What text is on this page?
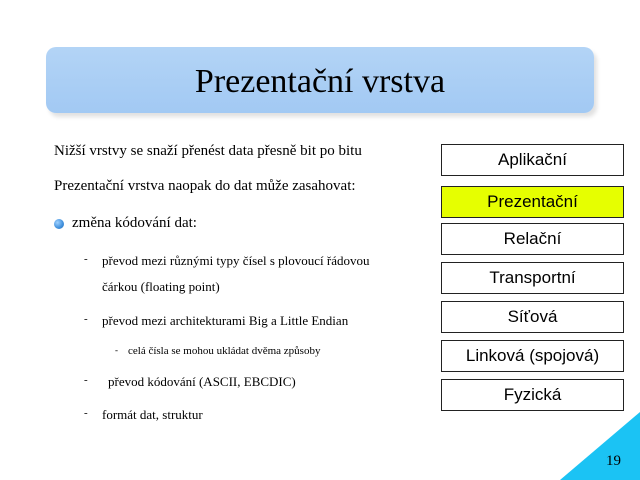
Prezentační vrstva
Nižší vrstvy se snaží přenést data přesně bit po bitu
Prezentační vrstva naopak do dat může zasahovat:
změna kódování dat:
- převod mezi různými typy čísel s plovoucí řádovou
čárkou (floating point)
- převod mezi architekturami Big a Little Endian
- celá čísla se mohou ukládat dvěma způsoby
- převod kódování (ASCII, EBCDIC)
- formát dat, struktur
Aplikační
Prezentační
Relační
Transportní
Síťová
Linková (spojová)
Fyzická
19
